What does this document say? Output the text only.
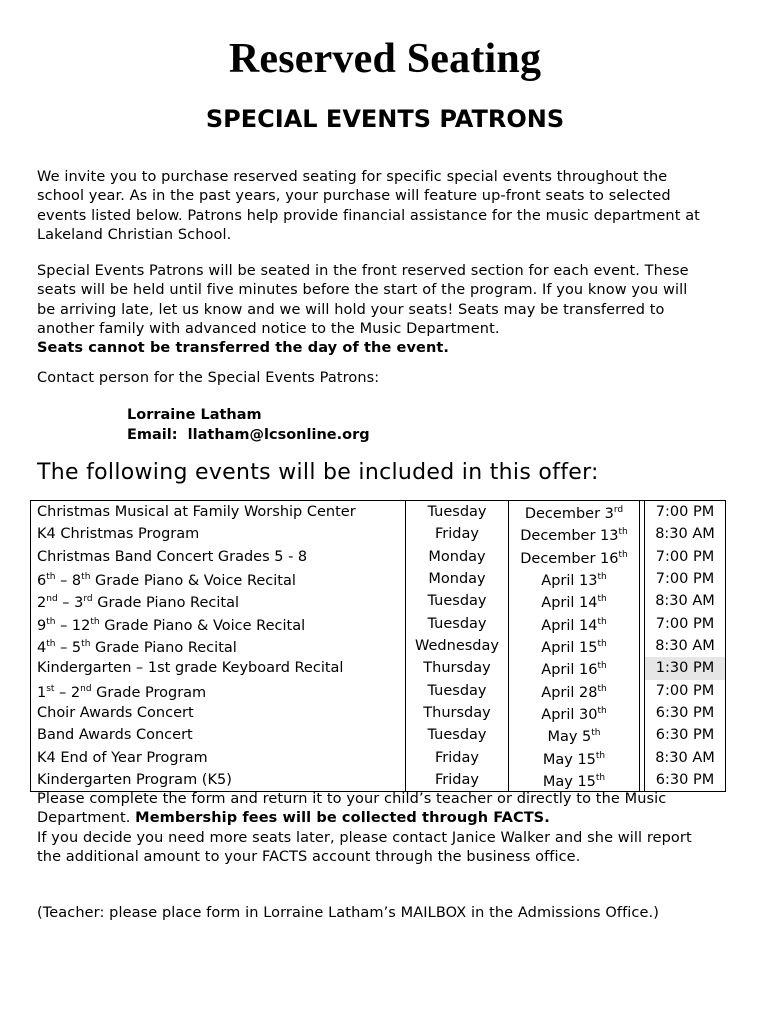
Reserved Seating
SPECIAL EVENTS PATRONS
We invite you to purchase reserved seating for specific special events throughout the
school year. As in the past years, your purchase will feature up-front seats to selected
events listed below. Patrons help provide financial assistance for the music department at
Lakeland Christian School.
Special Events Patrons will be seated in the front reserved section for each event. These
seats will be held until five minutes before the start of the program. If you know you will
be arriving late, let us know and we will hold your seats! Seats may be transferred to
another family with advanced notice to the Music Department.
Seats cannot be transferred the day of the event.
Contact person for the Special Events Patrons:
Lorraine Latham
Email: llatham@lcsonline.org
The following events will be included in this offer:
Christmas Musical at Family Worship Center	Tuesday	December 3rd		7:00 PM
K4 Christmas Program	Friday	December 13th		8:30 AM
Christmas Band Concert Grades 5 - 8	Monday	December 16th		7:00 PM
6th – 8th Grade Piano & Voice Recital	Monday	April 13th		7:00 PM
2nd – 3rd Grade Piano Recital	Tuesday	April 14th		8:30 AM
9th – 12th Grade Piano & Voice Recital	Tuesday	April 14th		7:00 PM
4th – 5th Grade Piano Recital	Wednesday	April 15th		8:30 AM
Kindergarten – 1st grade Keyboard Recital	Thursday	April 16th		1:30 PM
1st – 2nd Grade Program	Tuesday	April 28th		7:00 PM
Choir Awards Concert	Thursday	April 30th		6:30 PM
Band Awards Concert	Tuesday	May 5th		6:30 PM
K4 End of Year Program	Friday	May 15th		8:30 AM
Kindergarten Program (K5)	Friday	May 15th		6:30 PM
Please complete the form and return it to your child’s teacher or directly to the Music
Department. Membership fees will be collected through FACTS.
If you decide you need more seats later, please contact Janice Walker and she will report
the additional amount to your FACTS account through the business office.
(Teacher: please place form in Lorraine Latham’s MAILBOX in the Admissions Office.)
